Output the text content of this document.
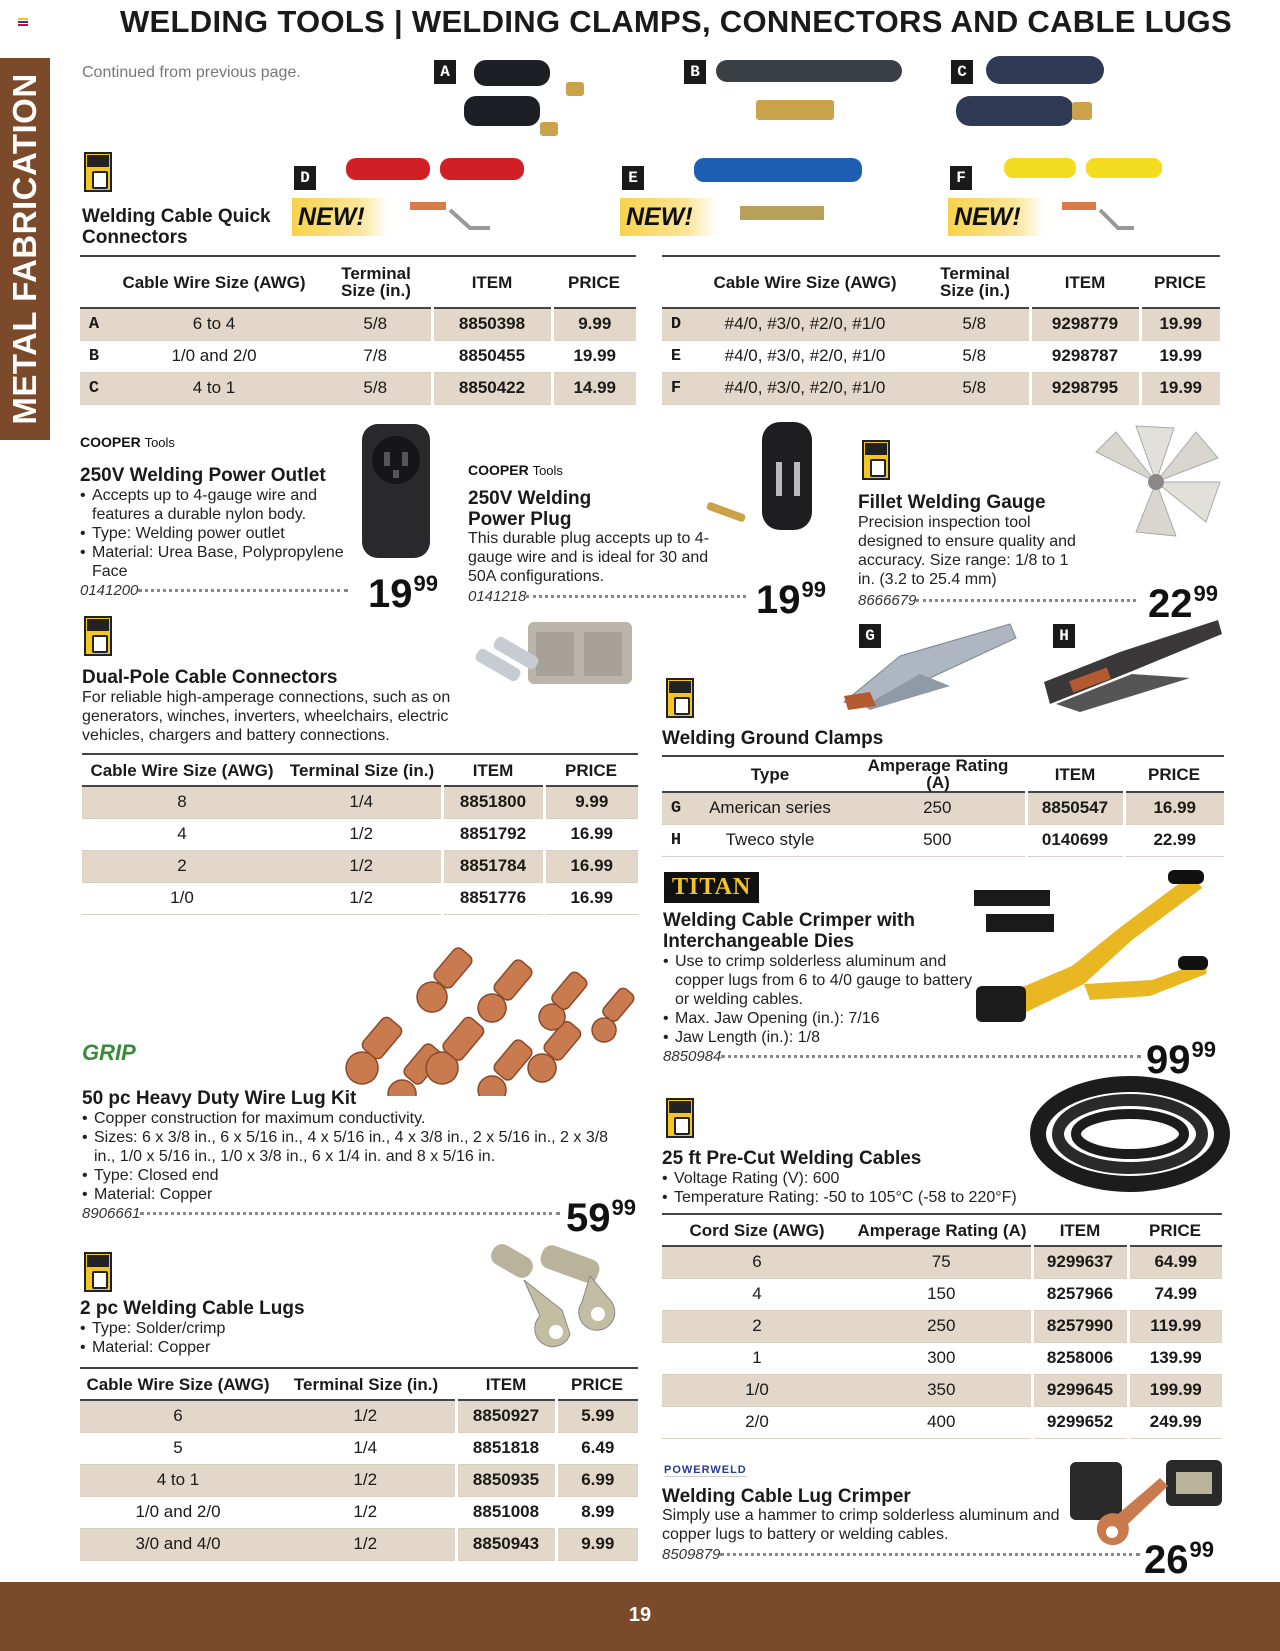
WELDING TOOLS | WELDING CLAMPS, CONNECTORS AND CABLE LUGS
METAL FABRICATION
Continued from previous page.	A	B	C
Welding Cable Quick Connectors
D
NEW!
E
NEW!
F
NEW!
	Cable Wire Size (AWG)	Terminal Size (in.)	ITEM	PRICE
A	6 to 4	5/8	8850398	9.99
B	1/0 and 2/0	7/8	8850455	19.99
C	4 to 1	5/8	8850422	14.99
	Cable Wire Size (AWG)	Terminal Size (in.)	ITEM	PRICE
D	#4/0, #3/0, #2/0, #1/0	5/8	9298779	19.99
E	#4/0, #3/0, #2/0, #1/0	5/8	9298787	19.99
F	#4/0, #3/0, #2/0, #1/0	5/8	9298795	19.99
COOPER Tools
250V Welding Power Outlet
• Accepts up to 4-gauge wire and features a durable nylon body.
• Type: Welding power outlet
• Material: Urea Base, Polypropylene Face
0141200	$19^{99}$
COOPER Tools
250V Welding Power Plug
This durable plug accepts up to 4-gauge wire and is ideal for 30 and 50A configurations.
0141218	$19^{99}$
Fillet Welding Gauge
Precision inspection tool designed to ensure quality and accuracy. Size range: 1/8 to 1 in. (3.2 to 25.4 mm)
8666679	$22^{99}$
Dual-Pole Cable Connectors
For reliable high-amperage connections, such as on generators, winches, inverters, wheelchairs, electric vehicles, chargers and battery connections.
Cable Wire Size (AWG)	Terminal Size (in.)	ITEM	PRICE
8	1/4	8851800	9.99
4	1/2	8851792	16.99
2	1/2	8851784	16.99
1/0	1/2	8851776	16.99
G	H
Welding Ground Clamps
	Type	Amperage Rating (A)	ITEM	PRICE
G	American series	250	8850547	16.99
H	Tweco style	500	0140699	22.99
TITAN
Welding Cable Crimper with Interchangeable Dies
• Use to crimp solderless aluminum and copper lugs from 6 to 4/0 gauge to battery or welding cables.
• Max. Jaw Opening (in.): 7/16
• Jaw Length (in.): 1/8
8850984	$99^{99}$
GRIP
50 pc Heavy Duty Wire Lug Kit
• Copper construction for maximum conductivity.
• Sizes: 6 x 3/8 in., 6 x 5/16 in., 4 x 5/16 in., 4 x 3/8 in., 2 x 5/16 in., 2 x 3/8 in., 1/0 x 5/16 in., 1/0 x 3/8 in., 6 x 1/4 in. and 8 x 5/16 in.
• Type: Closed end
• Material: Copper
8906661	$59^{99}$
25 ft Pre-Cut Welding Cables
• Voltage Rating (V): 600
• Temperature Rating: -50 to 105°C (-58 to 220°F)
Cord Size (AWG)	Amperage Rating (A)	ITEM	PRICE
6	75	9299637	64.99
4	150	8257966	74.99
2	250	8257990	119.99
1	300	8258006	139.99
1/0	350	9299645	199.99
2/0	400	9299652	249.99
2 pc Welding Cable Lugs
• Type: Solder/crimp
• Material: Copper
Cable Wire Size (AWG)	Terminal Size (in.)	ITEM	PRICE
6	1/2	8850927	5.99
5	1/4	8851818	6.49
4 to 1	1/2	8850935	6.99
1/0 and 2/0	1/2	8851008	8.99
3/0 and 4/0	1/2	8850943	9.99
POWERWELD
Welding Cable Lug Crimper
Simply use a hammer to crimp solderless aluminum and copper lugs to battery or welding cables.
8509879	$26^{99}$
19
